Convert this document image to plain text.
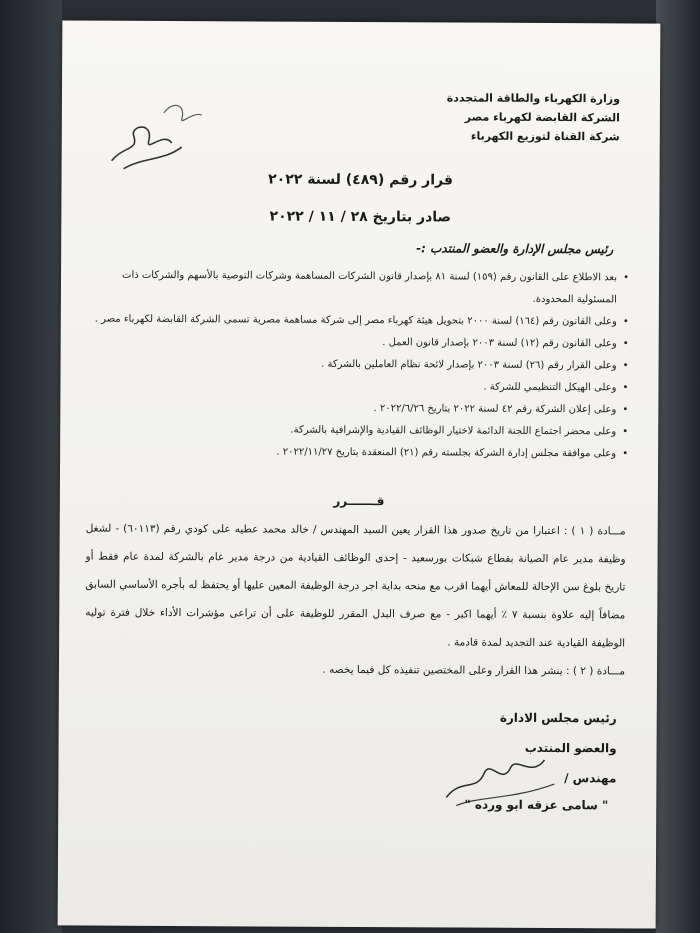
وزارة الكهرباء والطاقة المتجددة
الشركة القابضة لكهرباء مصر
شركة القناة لتوزيع الكهرباء
قرار رقم (٤٨٩) لسنة ٢٠٢٢
صادر بتاريخ ٢٨ / ١١ / ٢٠٢٢
رئيس مجلس الإدارة والعضو المنتدب :-
• بعد الاطلاع على القانون رقم (١٥٩) لسنة ٨١ بإصدار قانون الشركات المساهمة وشركات التوصية بالأسهم والشركات ذات المسئولية المحدودة.
• وعلى القانون رقم (١٦٤) لسنة ٢٠٠٠ بتحويل هيئة كهرباء مصر إلى شركة مساهمة مصرية تسمى الشركة القابضة لكهرباء مصر .
• وعلى القانون رقم (١٢) لسنة ٢٠٠٣ بإصدار قانون العمل .
• وعلى القرار رقم (٢٦) لسنة ٢٠٠٣ بإصدار لائحة نظام العاملين بالشركة .
• وعلى الهيكل التنظيمي للشركة .
• وعلى إعلان الشركة رقم ٤٢ لسنة ٢٠٢٢ بتاريخ ٢٠٢٢/٦/٢٦ .
• وعلى محضر اجتماع اللجنة الدائمة لاختيار الوظائف القيادية والإشرافية بالشركة.
• وعلى موافقة مجلس إدارة الشركة بجلسته رقم (٢١) المنعقدة بتاريخ ٢٠٢٢/١١/٢٧ .
قـــــــرر

مـــادة ( ١ ) : اعتبارا من تاريخ صدور هذا القرار يعين السيد المهندس / خالد محمد عطيه على كودي رقم (٦٠١١٣) - لشغل وظيفة مدير عام الصيانة بقطاع شبكات بورسعيد - إحدى الوظائف القيادية من درجة مدير عام بالشركة لمدة عام فقط أو تاريخ بلوغ سن الإحالة للمعاش أيهما اقرب مع منحه بداية اجر درجة الوظيفة المعين عليها أو يحتفظ له بأجره الأساسي السابق مضافاً إليه علاوة بنسبة ٧ ٪ أيهما اكبر - مع صرف البدل المقرر للوظيفة على أن تراعى مؤشرات الأداء خلال فترة توليه الوظيفة القيادية عند التجديد لمدة قادمة .

مـــادة ( ٢ ) : ينشر هذا القرار وعلى المختصين تنفيذه كل فيما يخصه .

رئيس مجلس الادارة
والعضو المنتدب
مهندس /
" سامى عزقه ابو ورده "
